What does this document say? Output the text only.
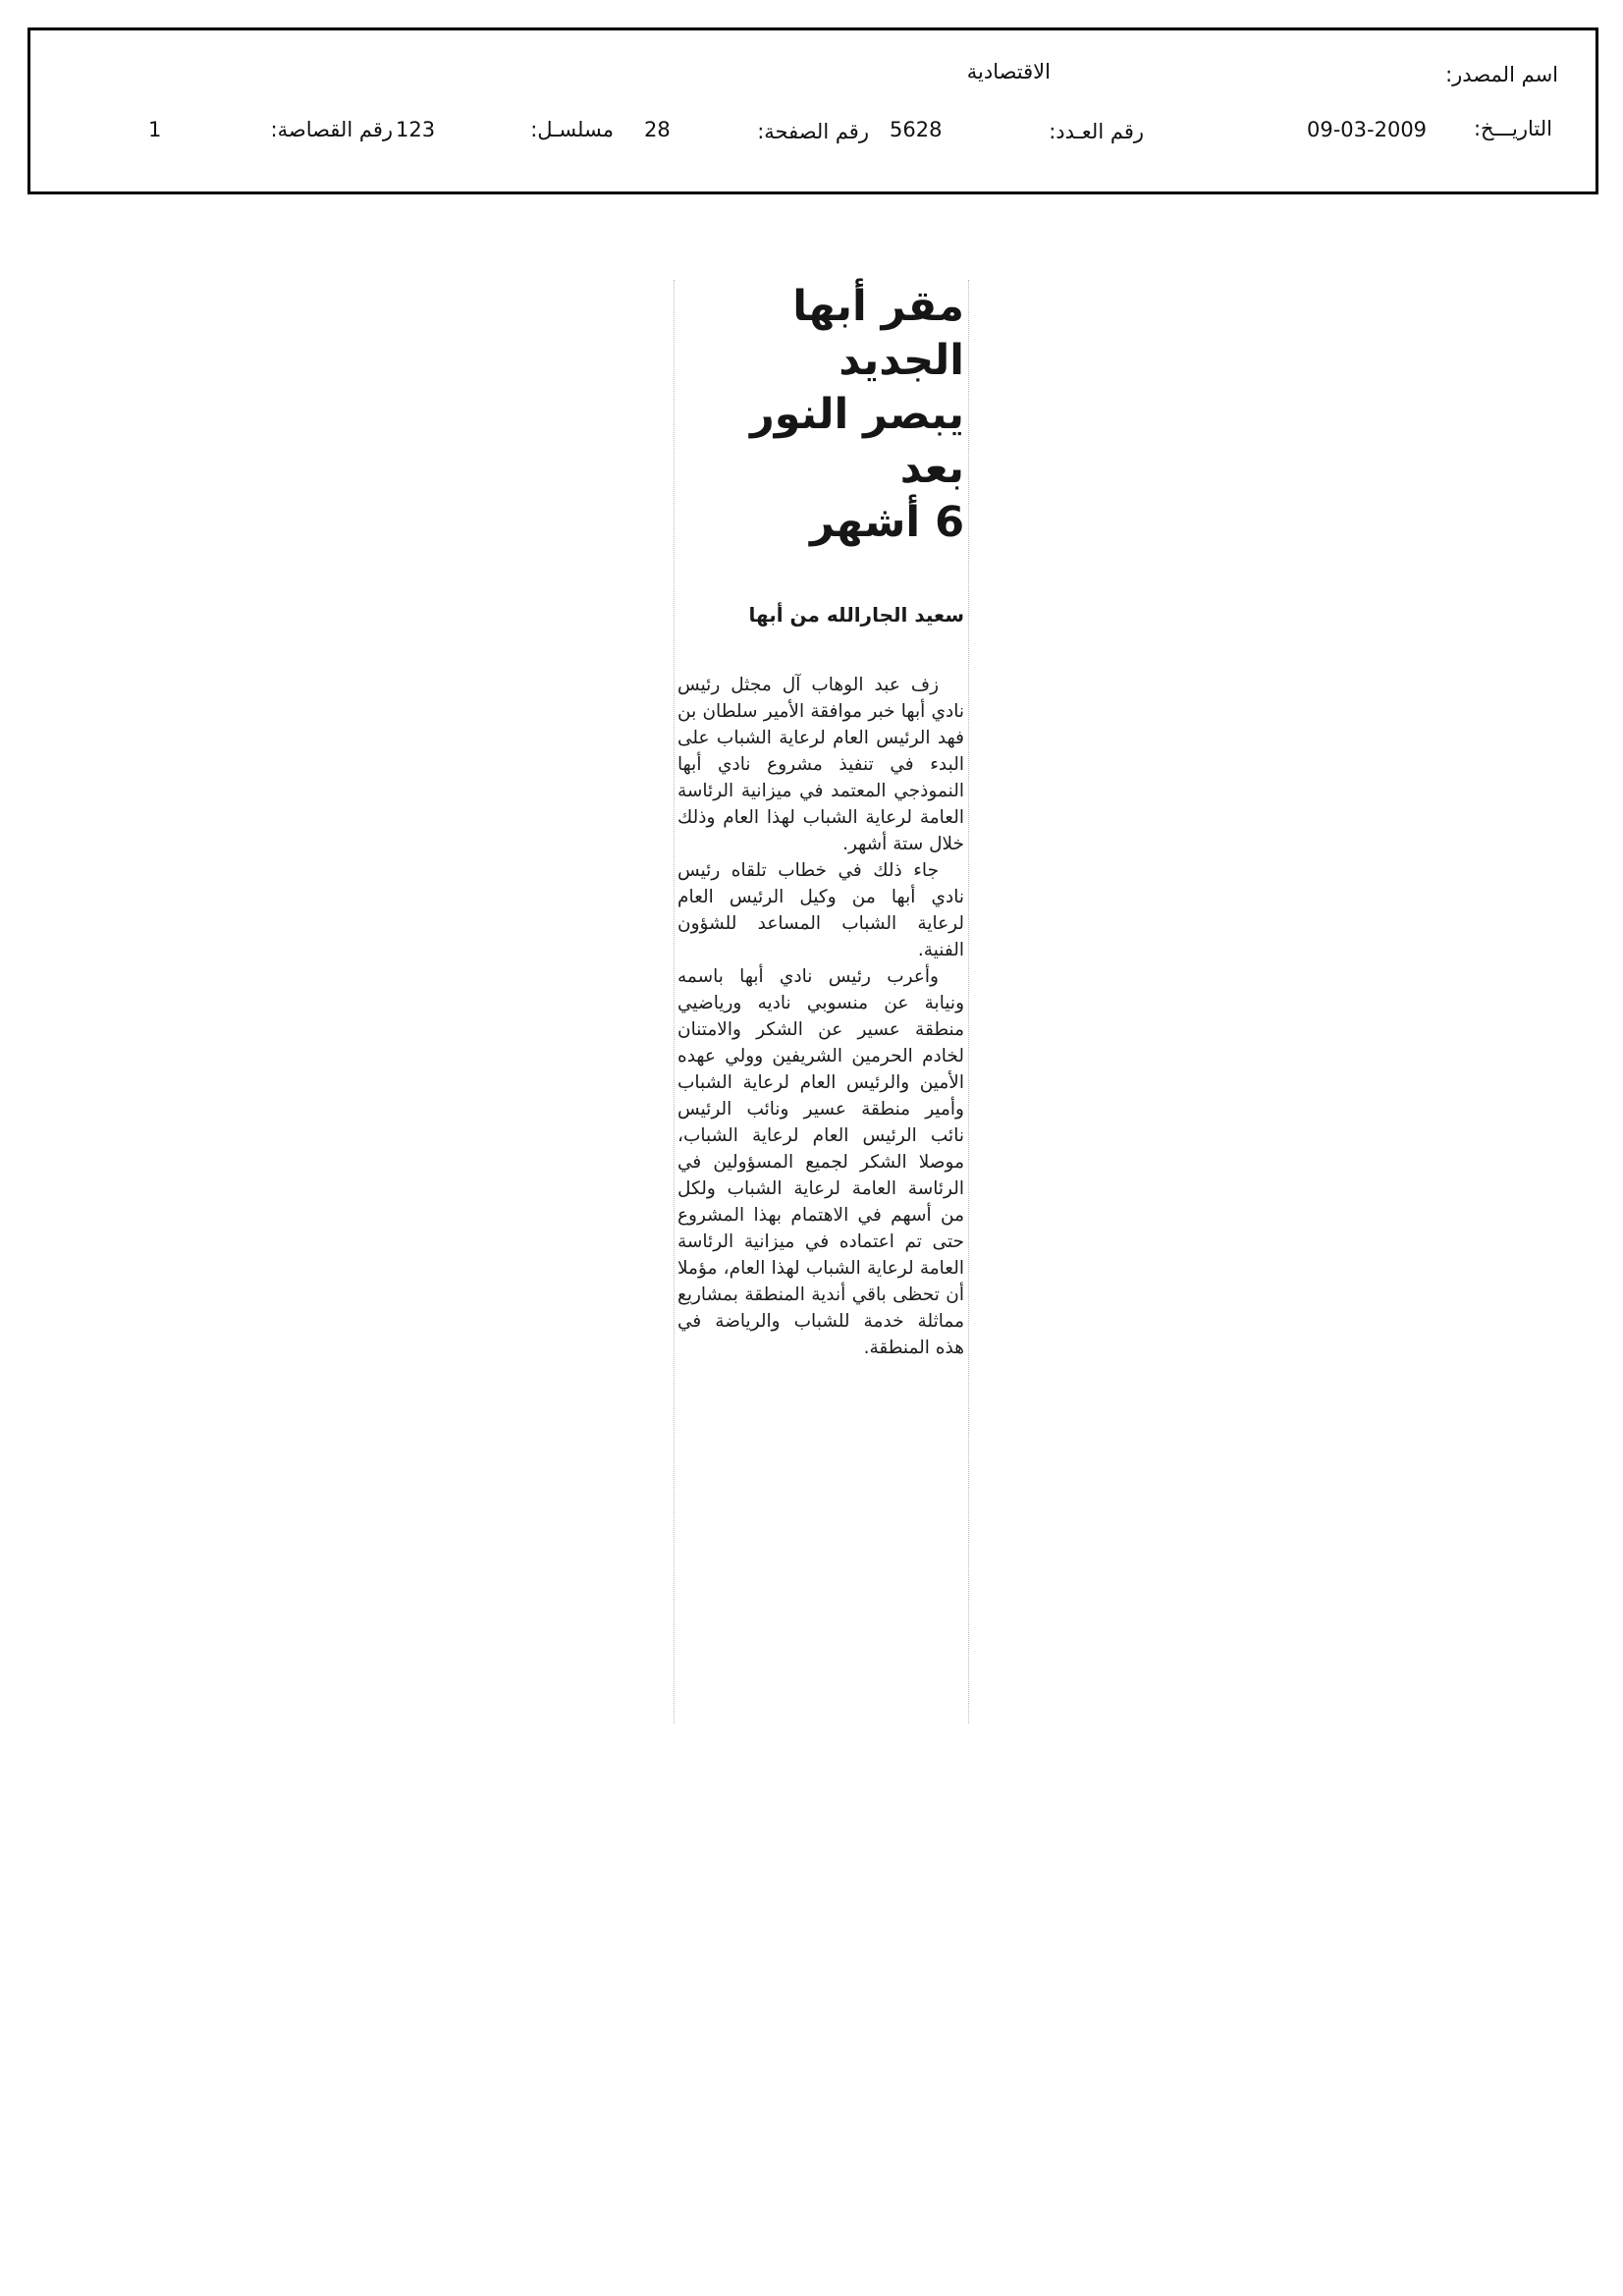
اسم المصدر:
الاقتصادية
التاريـــخ:
09-03-2009
رقم العـدد:
5628
رقم الصفحة:
28
مسلسـل:
123
رقم القصاصة:
1
مقر أبها الجديد
يبصر النور بعد
6 أشهر
سعيد الجارالله من أبها

زف عبد الوهاب آل مجثل رئيس نادي أبها خبر موافقة الأمير سلطان بن فهد الرئيس العام لرعاية الشباب على البدء في تنفيذ مشروع نادي أبها النموذجي المعتمد في ميزانية الرئاسة العامة لرعاية الشباب لهذا العام وذلك خلال ستة أشهر.

جاء ذلك في خطاب تلقاه رئيس نادي أبها من وكيل الرئيس العام لرعاية الشباب المساعد للشؤون الفنية.

وأعرب رئيس نادي أبها باسمه ونيابة عن منسوبي ناديه ورياضيي منطقة عسير عن الشكر والامتنان لخادم الحرمين الشريفين وولي عهده الأمين والرئيس العام لرعاية الشباب وأمير منطقة عسير ونائب الرئيس نائب الرئيس العام لرعاية الشباب، موصلا الشكر لجميع المسؤولين في الرئاسة العامة لرعاية الشباب ولكل من أسهم في الاهتمام بهذا المشروع حتى تم اعتماده في ميزانية الرئاسة العامة لرعاية الشباب لهذا العام، مؤملا أن تحظى باقي أندية المنطقة بمشاريع مماثلة خدمة للشباب والرياضة في هذه المنطقة.
